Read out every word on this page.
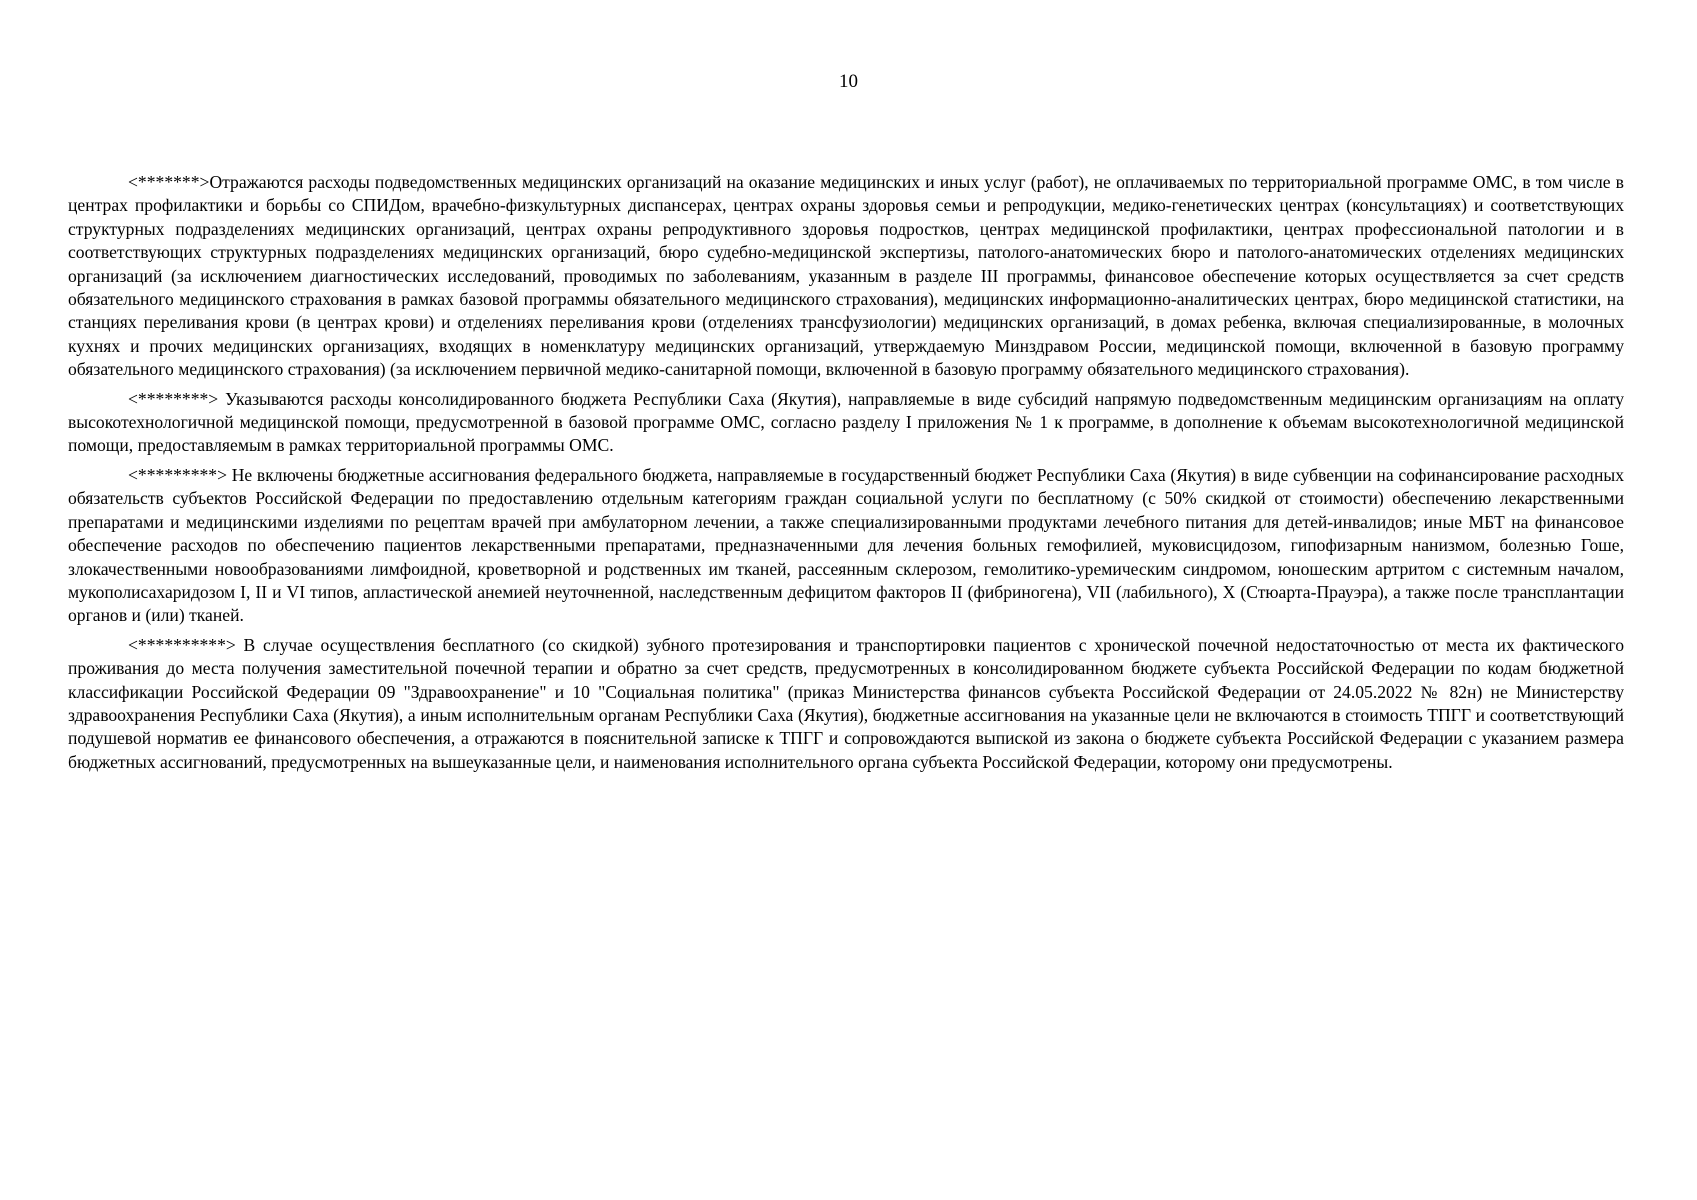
10

<*******>Отражаются расходы подведомственных медицинских организаций на оказание медицинских и иных услуг (работ), не оплачиваемых по территориальной программе ОМС, в том числе в центрах профилактики и борьбы со СПИДом, врачебно-физкультурных диспансерах, центрах охраны здоровья семьи и репродукции, медико-генетических центрах (консультациях) и соответствующих структурных подразделениях медицинских организаций, центрах охраны репродуктивного здоровья подростков, центрах медицинской профилактики, центрах профессиональной патологии и в соответствующих структурных подразделениях медицинских организаций, бюро судебно-медицинской экспертизы, патолого-анатомических бюро и патолого-анатомических отделениях медицинских организаций (за исключением диагностических исследований, проводимых по заболеваниям, указанным в разделе III программы, финансовое обеспечение которых осуществляется за счет средств обязательного медицинского страхования в рамках базовой программы обязательного медицинского страхования), медицинских информационно-аналитических центрах, бюро медицинской статистики, на станциях переливания крови (в центрах крови) и отделениях переливания крови (отделениях трансфузиологии) медицинских организаций, в домах ребенка, включая специализированные, в молочных кухнях и прочих медицинских организациях, входящих в номенклатуру медицинских организаций, утверждаемую Минздравом России, медицинской помощи, включенной в базовую программу обязательного медицинского страхования) (за исключением первичной медико-санитарной помощи, включенной в базовую программу обязательного медицинского страхования).

<********> Указываются расходы консолидированного бюджета Республики Саха (Якутия), направляемые в виде субсидий напрямую подведомственным медицинским организациям на оплату высокотехнологичной медицинской помощи, предусмотренной в базовой программе ОМС, согласно разделу I приложения № 1 к программе, в дополнение к объемам высокотехнологичной медицинской помощи, предоставляемым в рамках территориальной программы ОМС.

<*********> Не включены бюджетные ассигнования федерального бюджета, направляемые в государственный бюджет Республики Саха (Якутия) в виде субвенции на софинансирование расходных обязательств субъектов Российской Федерации по предоставлению отдельным категориям граждан социальной услуги по бесплатному (с 50% скидкой от стоимости) обеспечению лекарственными препаратами и медицинскими изделиями по рецептам врачей при амбулаторном лечении, а также специализированными продуктами лечебного питания для детей-инвалидов; иные МБТ на финансовое обеспечение расходов по обеспечению пациентов лекарственными препаратами, предназначенными для лечения больных гемофилией, муковисцидозом, гипофизарным нанизмом, болезнью Гоше, злокачественными новообразованиями лимфоидной, кроветворной и родственных им тканей, рассеянным склерозом, гемолитико-уремическим синдромом, юношеским артритом с системным началом, мукополисахаридозом I, II и VI типов, апластической анемией неуточненной, наследственным дефицитом факторов II (фибриногена), VII (лабильного), X (Стюарта-Прауэра), а также после трансплантации органов и (или) тканей.

<**********> В случае осуществления бесплатного (со скидкой) зубного протезирования и транспортировки пациентов с хронической почечной недостаточностью от места их фактического проживания до места получения заместительной почечной терапии и обратно за счет средств, предусмотренных в консолидированном бюджете субъекта Российской Федерации по кодам бюджетной классификации Российской Федерации 09 "Здравоохранение" и 10 "Социальная политика" (приказ Министерства финансов субъекта Российской Федерации от 24.05.2022 № 82н) не Министерству здравоохранения Республики Саха (Якутия), а иным исполнительным органам Республики Саха (Якутия), бюджетные ассигнования на указанные цели не включаются в стоимость ТПГГ и соответствующий подушевой норматив ее финансового обеспечения, а отражаются в пояснительной записке к ТПГГ и сопровождаются выпиской из закона о бюджете субъекта Российской Федерации с указанием размера бюджетных ассигнований, предусмотренных на вышеуказанные цели, и наименования исполнительного органа субъекта Российской Федерации, которому они предусмотрены.
